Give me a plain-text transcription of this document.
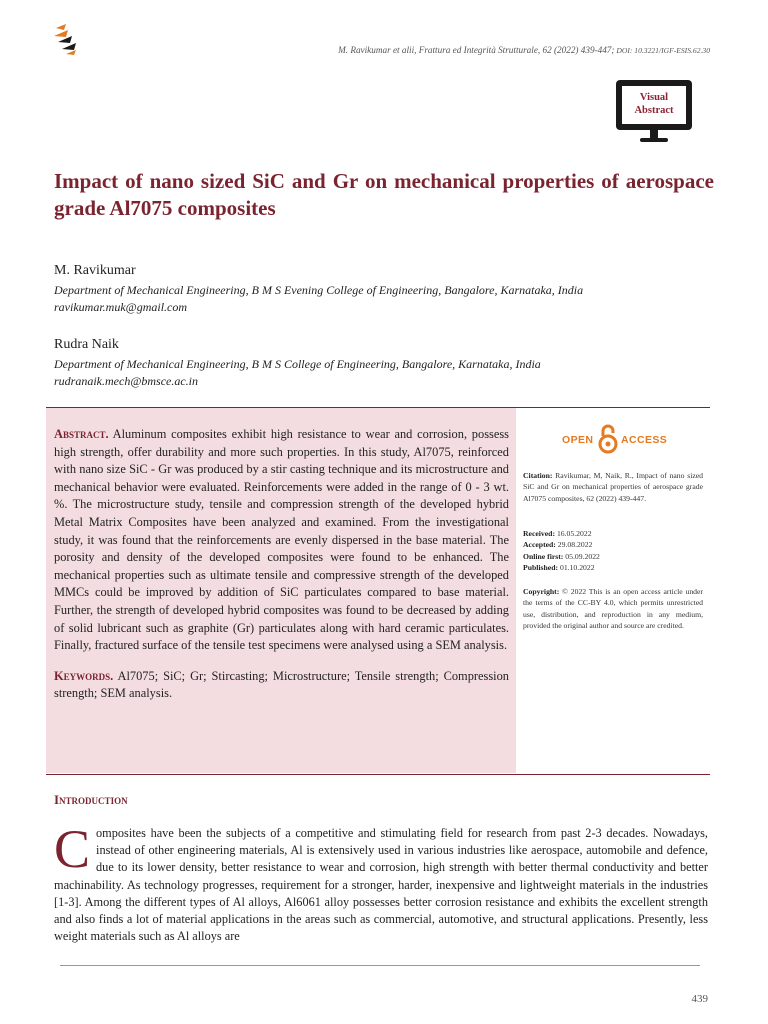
M. Ravikumar et alii, Frattura ed Integrità Strutturale, 62 (2022) 439-447; DOI: 10.3221/IGF-ESIS.62.30
Visual
Abstract
Impact of nano sized SiC and Gr on mechanical properties of aerospace grade Al7075 composites
M. Ravikumar
Department of Mechanical Engineering, B M S Evening College of Engineering, Bangalore, Karnataka, India
ravikumar.muk@gmail.com
Rudra Naik
Department of Mechanical Engineering, B M S College of Engineering, Bangalore, Karnataka, India
rudranaik.mech@bmsce.ac.in

Abstract. Aluminum composites exhibit high resistance to wear and corrosion, possess high strength, offer durability and more such properties. In this study, Al7075, reinforced with nano size SiC - Gr was produced by a stir casting technique and its microstructure and mechanical behavior were evaluated. Reinforcements were added in the range of 0 - 3 wt. %. The microstructure study, tensile and compression strength of the developed hybrid Metal Matrix Composites have been analyzed and examined. From the investigational study, it was found that the reinforcements are evenly dispersed in the base material. The porosity and density of the developed composites were found to be enhanced. The mechanical properties such as ultimate tensile and compressive strength of the developed MMCs could be improved by addition of SiC particulates compared to base material. Further, the strength of developed hybrid composites was found to be decreased by adding of solid lubricant such as graphite (Gr) particulates along with hard ceramic particulates. Finally, fractured surface of the tensile test specimens were analysed using a SEM analysis.

Keywords. Al7075; SiC; Gr; Stircasting; Microstructure; Tensile strength; Compression strength; SEM analysis.

OPEN	ACCESS
Citation: Ravikumar, M, Naik, R., Impact of nano sized SiC and Gr on mechanical properties of aerospace grade Al7075 composites, 62 (2022) 439-447.
Received: 16.05.2022
Accepted: 29.08.2022
Online first: 05.09.2022
Published: 01.10.2022
Copyright: © 2022 This is an open access article under the terms of the CC-BY 4.0, which permits unrestricted use, distribution, and reproduction in any medium, provided the original author and source are credited.
Introduction
Composites have been the subjects of a competitive and stimulating field for research from past 2-3 decades. Nowadays, instead of other engineering materials, Al is extensively used in various industries like aerospace, automobile and defence, due to its lower density, better resistance to wear and corrosion, high strength with better thermal conductivity and better machinability. As technology progresses, requirement for a stronger, harder, inexpensive and lightweight materials in the industries [1-3]. Among the different types of Al alloys, Al6061 alloy possesses better corrosion resistance and exhibits the excellent strength and also finds a lot of material applications in the areas such as commercial, automotive, and structural applications. Presently, less weight materials such as Al alloys are
439
